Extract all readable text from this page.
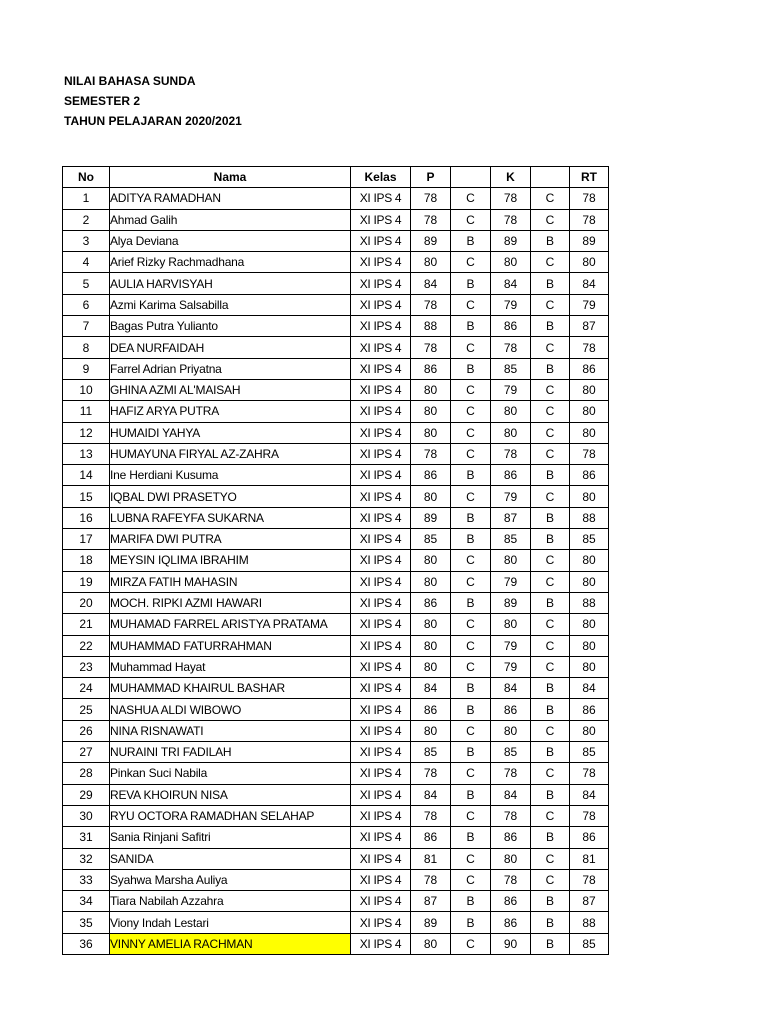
NILAI BAHASA SUNDA
SEMESTER 2
TAHUN PELAJARAN 2020/2021
No	Nama	Kelas	P		K		RT
1	ADITYA RAMADHAN	XI IPS 4	78	C	78	C	78
2	Ahmad Galih	XI IPS 4	78	C	78	C	78
3	Alya Deviana	XI IPS 4	89	B	89	B	89
4	Arief Rizky Rachmadhana	XI IPS 4	80	C	80	C	80
5	AULIA HARVISYAH	XI IPS 4	84	B	84	B	84
6	Azmi Karima Salsabilla	XI IPS 4	78	C	79	C	79
7	Bagas Putra Yulianto	XI IPS 4	88	B	86	B	87
8	DEA NURFAIDAH	XI IPS 4	78	C	78	C	78
9	Farrel Adrian Priyatna	XI IPS 4	86	B	85	B	86
10	GHINA AZMI AL'MAISAH	XI IPS 4	80	C	79	C	80
11	HAFIZ ARYA PUTRA	XI IPS 4	80	C	80	C	80
12	HUMAIDI YAHYA	XI IPS 4	80	C	80	C	80
13	HUMAYUNA FIRYAL AZ-ZAHRA	XI IPS 4	78	C	78	C	78
14	Ine Herdiani Kusuma	XI IPS 4	86	B	86	B	86
15	IQBAL DWI PRASETYO	XI IPS 4	80	C	79	C	80
16	LUBNA RAFEYFA SUKARNA	XI IPS 4	89	B	87	B	88
17	MARIFA DWI PUTRA	XI IPS 4	85	B	85	B	85
18	MEYSIN IQLIMA IBRAHIM	XI IPS 4	80	C	80	C	80
19	MIRZA FATIH MAHASIN	XI IPS 4	80	C	79	C	80
20	MOCH. RIPKI AZMI HAWARI	XI IPS 4	86	B	89	B	88
21	MUHAMAD FARREL ARISTYA PRATAMA	XI IPS 4	80	C	80	C	80
22	MUHAMMAD FATURRAHMAN	XI IPS 4	80	C	79	C	80
23	Muhammad Hayat	XI IPS 4	80	C	79	C	80
24	MUHAMMAD KHAIRUL BASHAR	XI IPS 4	84	B	84	B	84
25	NASHUA ALDI WIBOWO	XI IPS 4	86	B	86	B	86
26	NINA RISNAWATI	XI IPS 4	80	C	80	C	80
27	NURAINI TRI FADILAH	XI IPS 4	85	B	85	B	85
28	Pinkan Suci Nabila	XI IPS 4	78	C	78	C	78
29	REVA KHOIRUN NISA	XI IPS 4	84	B	84	B	84
30	RYU OCTORA RAMADHAN SELAHAP	XI IPS 4	78	C	78	C	78
31	Sania Rinjani Safitri	XI IPS 4	86	B	86	B	86
32	SANIDA	XI IPS 4	81	C	80	C	81
33	Syahwa Marsha Auliya	XI IPS 4	78	C	78	C	78
34	Tiara Nabilah Azzahra	XI IPS 4	87	B	86	B	87
35	Viony Indah Lestari	XI IPS 4	89	B	86	B	88
36	VINNY AMELIA RACHMAN	XI IPS 4	80	C	90	B	85
